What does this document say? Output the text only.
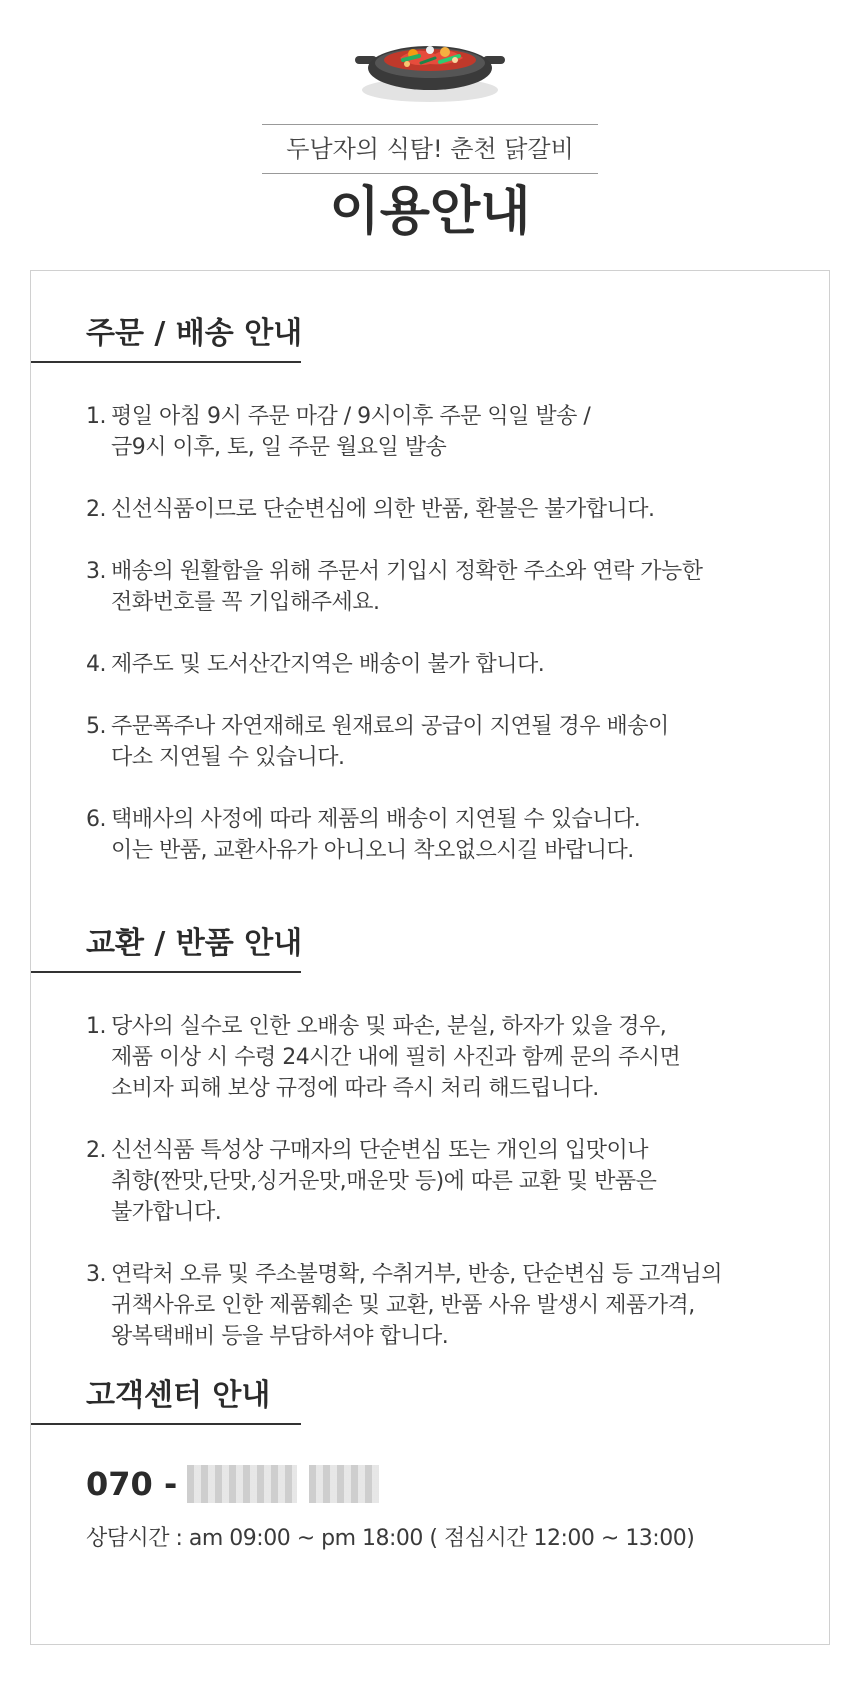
두남자의 식탐! 춘천 닭갈비
이용안내
주문 / 배송 안내
1. 평일 아침 9시 주문 마감 / 9시이후 주문 익일 발송 /
금9시 이후, 토, 일 주문 월요일 발송
2. 신선식품이므로 단순변심에 의한 반품, 환불은 불가합니다.
3. 배송의 원활함을 위해 주문서 기입시 정확한 주소와 연락 가능한
전화번호를 꼭 기입해주세요.
4. 제주도 및 도서산간지역은 배송이 불가 합니다.
5. 주문폭주나 자연재해로 원재료의 공급이 지연될 경우 배송이
다소 지연될 수 있습니다.
6. 택배사의 사정에 따라 제품의 배송이 지연될 수 있습니다.
이는 반품, 교환사유가 아니오니 착오없으시길 바랍니다.
교환 / 반품 안내
1. 당사의 실수로 인한 오배송 및 파손, 분실, 하자가 있을 경우,
제품 이상 시 수령 24시간 내에 필히 사진과 함께 문의 주시면
소비자 피해 보상 규정에 따라 즉시 처리 해드립니다.
2. 신선식품 특성상 구매자의 단순변심 또는 개인의 입맛이나
취향(짠맛,단맛,싱거운맛,매운맛 등)에 따른 교환 및 반품은
불가합니다.
3. 연락처 오류 및 주소불명확, 수취거부, 반송, 단순변심 등 고객님의
귀책사유로 인한 제품훼손 및 교환, 반품 사유 발생시 제품가격,
왕복택배비 등을 부담하셔야 합니다.
고객센터 안내
070 -
상담시간 : am 09:00 ~ pm 18:00 ( 점심시간 12:00 ~ 13:00)
